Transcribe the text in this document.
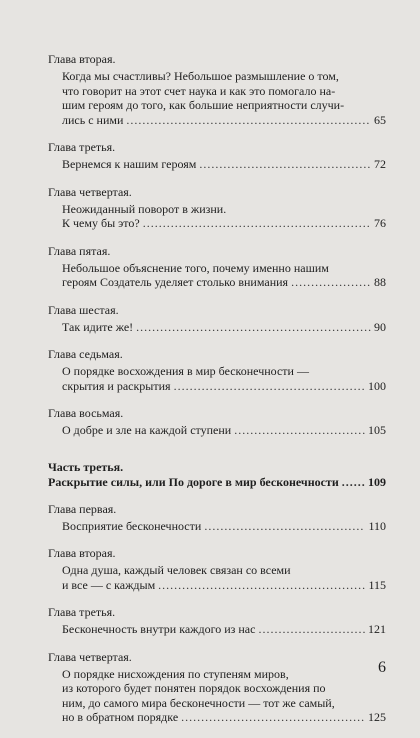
Глава вторая.
Когда мы счастливы? Небольшое размышление о том,
что говорит на этот счет наука и как это помогало на-
шим героям до того, как большие неприятности случи-
лись с ними .....	65
Глава третья.
Вернемся к нашим героям .....	72
Глава четвертая.
Неожиданный поворот в жизни.
К чему бы это? .....	76
Глава пятая.
Небольшое объяснение того, почему именно нашим
героям Создатель уделяет столько внимания .....	88
Глава шестая.
Так идите же! .....	90
Глава седьмая.
О порядке восхождения в мир бесконечности —
скрытия и раскрытия .....	100
Глава восьмая.
О добре и зле на каждой ступени .....	105
Часть третья.
Раскрытие силы, или По дороге в мир бесконечности ..... 109
Глава первая.
Восприятие бесконечности .....	110
Глава вторая.
Одна душа, каждый человек связан со всеми
и все — с каждым .....	115
Глава третья.
Бесконечность внутри каждого из нас .....	121
Глава четвертая.
О порядке нисхождения по ступеням миров,
из которого будет понятен порядок восхождения по
ним, до самого мира бесконечности — тот же самый,
но в обратном порядке .....	125
6
